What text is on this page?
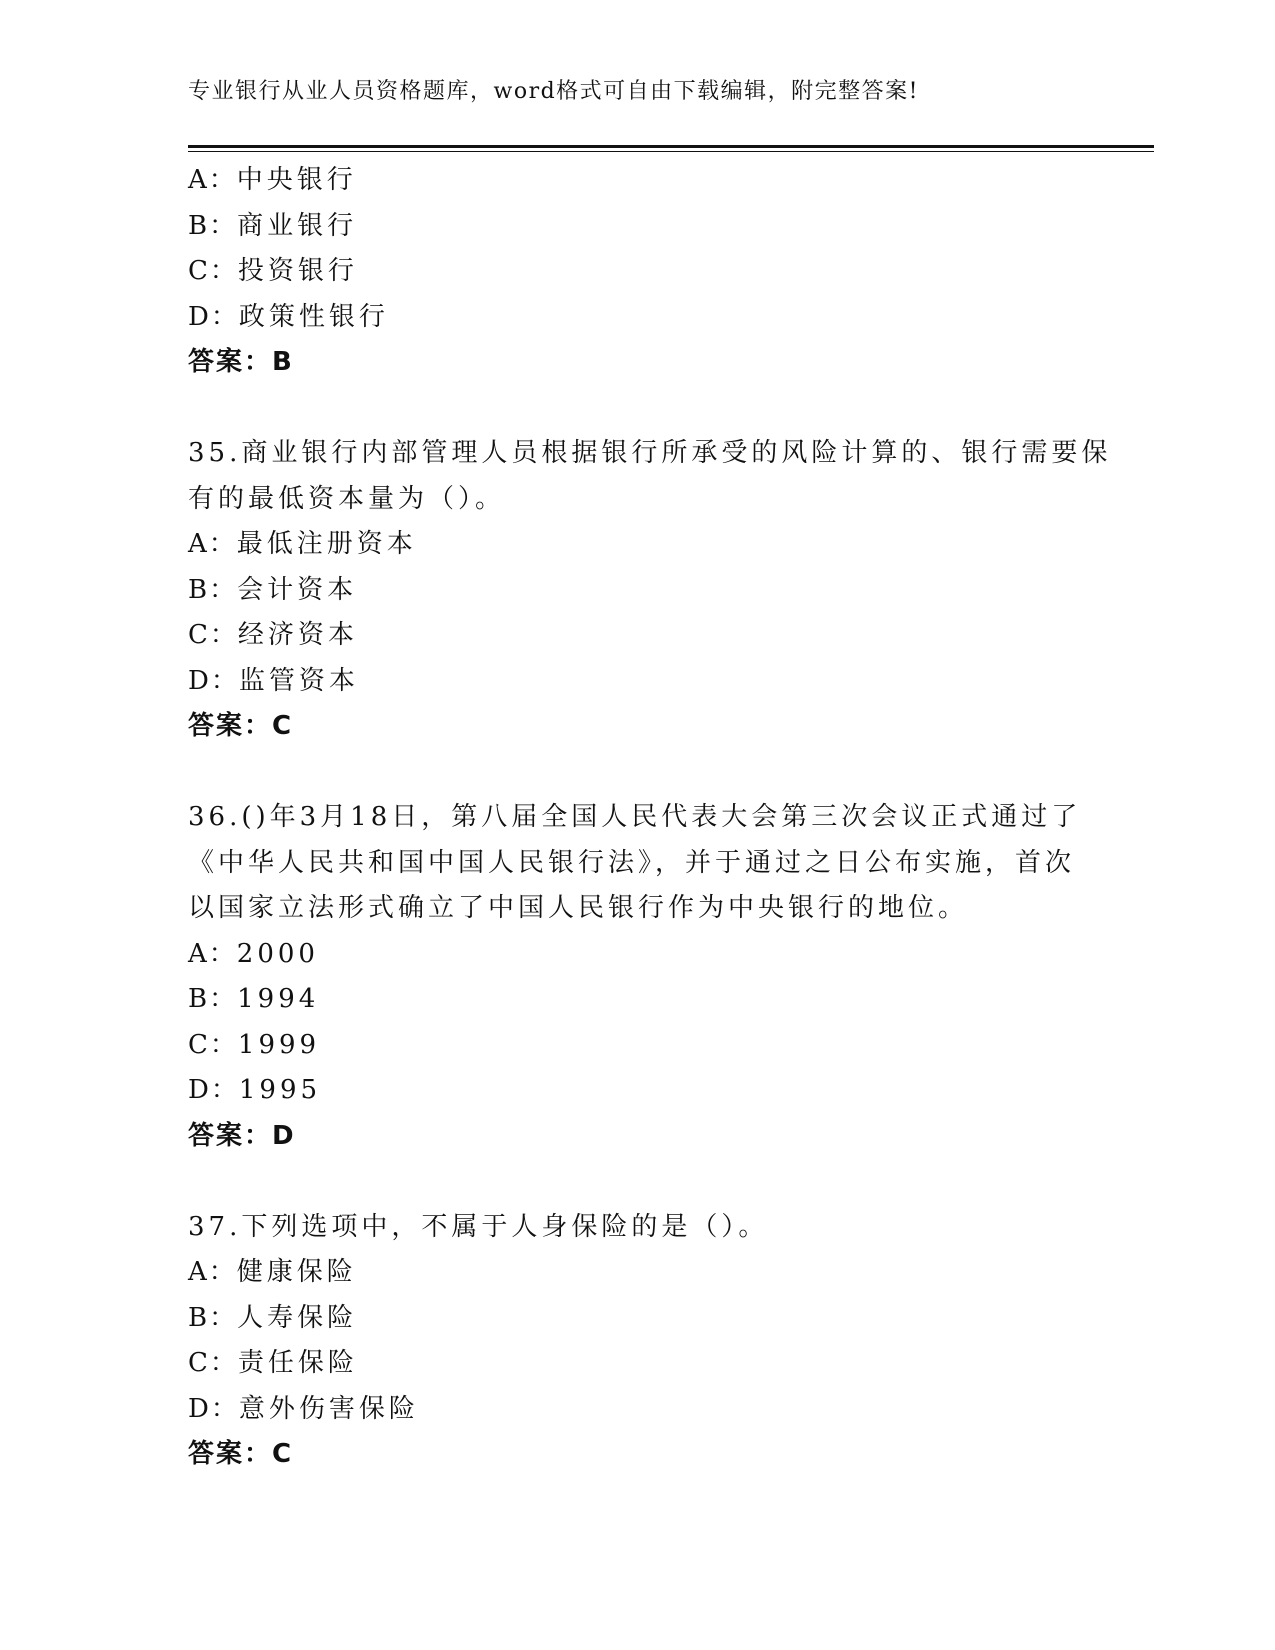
专业银行从业人员资格题库，word格式可自由下载编辑，附完整答案!
A：中央银行
B：商业银行
C：投资银行
D：政策性银行
答案：B
35.商业银行内部管理人员根据银行所承受的风险计算的、银行需要保
有的最低资本量为（）。
A：最低注册资本
B：会计资本
C：经济资本
D：监管资本
答案：C
36.()年3月18日，第八届全国人民代表大会第三次会议正式通过了
《中华人民共和国中国人民银行法》，并于通过之日公布实施，首次
以国家立法形式确立了中国人民银行作为中央银行的地位。
A：2000
B：1994
C：1999
D：1995
答案：D
37.下列选项中，不属于人身保险的是（）。
A：健康保险
B：人寿保险
C：责任保险
D：意外伤害保险
答案：C
